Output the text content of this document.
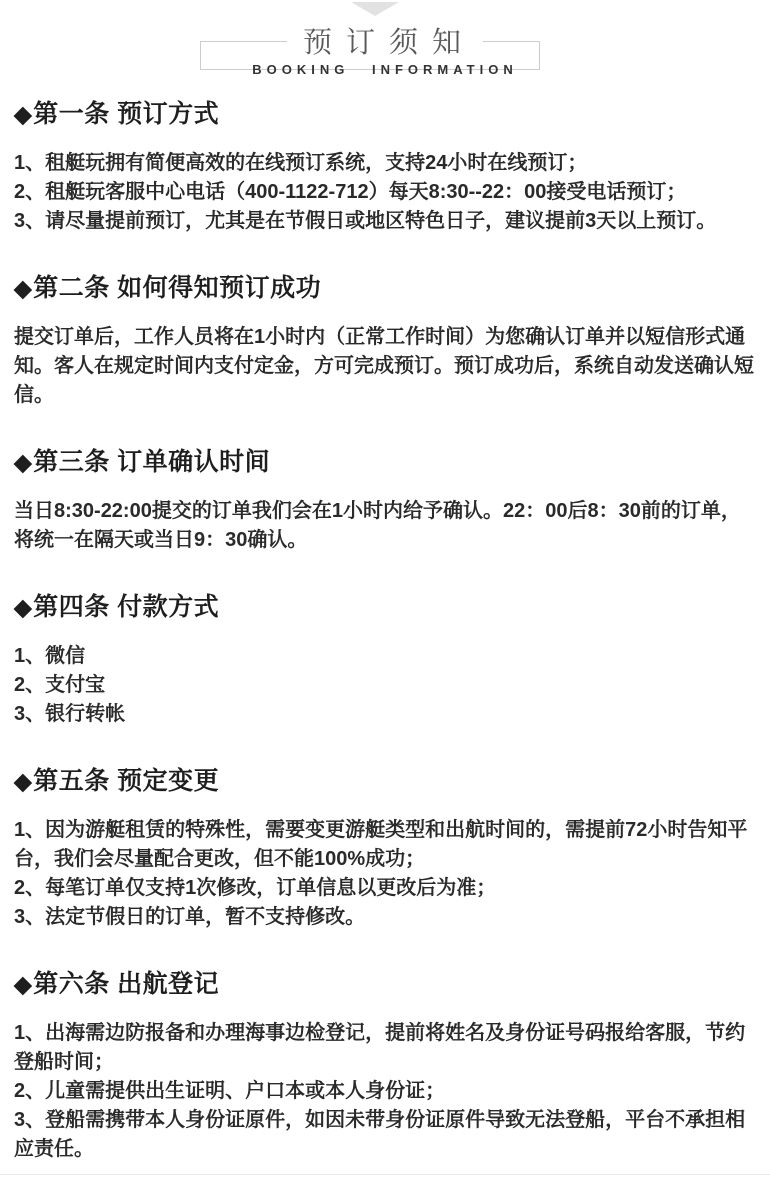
预订须知
BOOKING INFORMATION
◆第一条 预订方式

1、租艇玩拥有简便高效的在线预订系统，支持24小时在线预订；

2、租艇玩客服中心电话（400-1122-712）每天8:30--22：00接受电话预订；

3、请尽量提前预订，尤其是在节假日或地区特色日子，建议提前3天以上预订。

◆第二条 如何得知预订成功

提交订单后，工作人员将在1小时内（正常工作时间）为您确认订单并以短信形式通知。客人在规定时间内支付定金，方可完成预订。预订成功后，系统自动发送确认短信。

◆第三条 订单确认时间

当日8:30-22:00提交的订单我们会在1小时内给予确认。22：00后8：30前的订单，将统一在隔天或当日9：30确认。

◆第四条 付款方式

1、微信

2、支付宝

3、银行转帐

◆第五条 预定变更

1、因为游艇租赁的特殊性，需要变更游艇类型和出航时间的，需提前72小时告知平台，我们会尽量配合更改，但不能100%成功；

2、每笔订单仅支持1次修改，订单信息以更改后为准；

3、法定节假日的订单，暂不支持修改。

◆第六条 出航登记

1、出海需边防报备和办理海事边检登记，提前将姓名及身份证号码报给客服，节约登船时间；

2、儿童需提供出生证明、户口本或本人身份证；

3、登船需携带本人身份证原件，如因未带身份证原件导致无法登船，平台不承担相应责任。
